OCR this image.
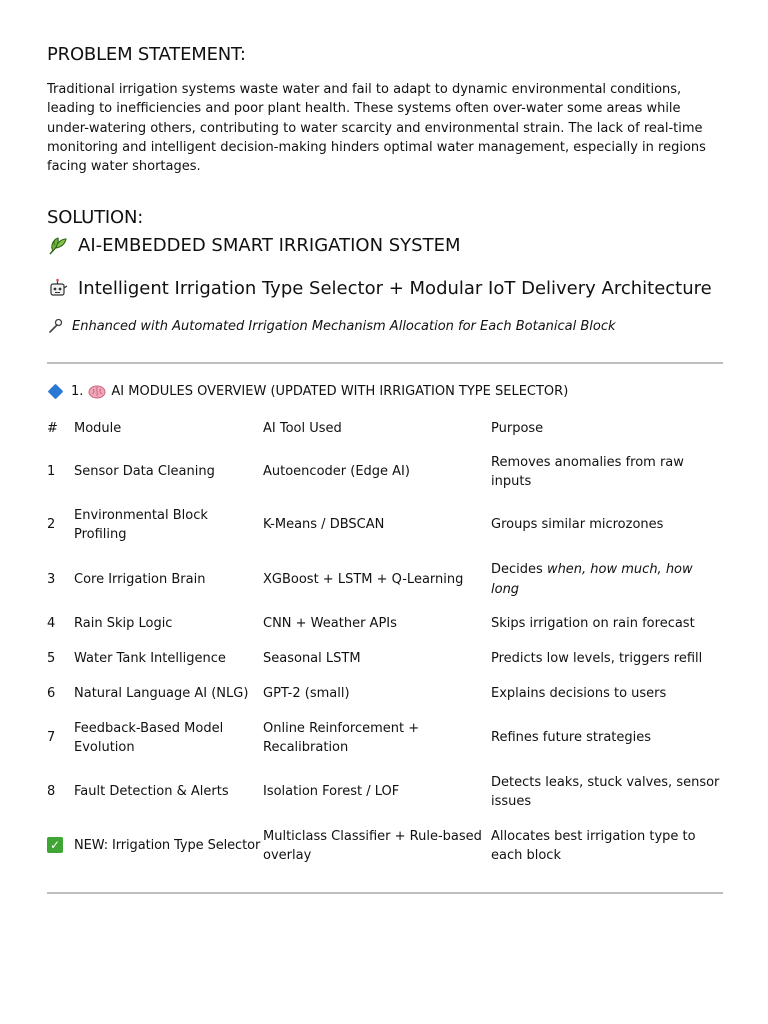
PROBLEM STATEMENT:

Traditional irrigation systems waste water and fail to adapt to dynamic environmental conditions, leading to inefficiencies and poor plant health. These systems often over-water some areas while under-watering others, contributing to water scarcity and environmental strain. The lack of real-time monitoring and intelligent decision-making hinders optimal water management, especially in regions facing water shortages.

SOLUTION:
AI-EMBEDDED SMART IRRIGATION SYSTEM
Intelligent Irrigation Type Selector + Modular IoT Delivery Architecture
Enhanced with Automated Irrigation Mechanism Allocation for Each Botanical Block
1. AI MODULES OVERVIEW (UPDATED WITH IRRIGATION TYPE SELECTOR)
#	Module	AI Tool Used	Purpose
1	Sensor Data Cleaning	Autoencoder (Edge AI)	Removes anomalies from raw inputs
2	Environmental Block Profiling	K-Means / DBSCAN	Groups similar microzones
3	Core Irrigation Brain	XGBoost + LSTM + Q-Learning	Decides when, how much, how long
4	Rain Skip Logic	CNN + Weather APIs	Skips irrigation on rain forecast
5	Water Tank Intelligence	Seasonal LSTM	Predicts low levels, triggers refill
6	Natural Language AI (NLG)	GPT-2 (small)	Explains decisions to users
7	Feedback-Based Model Evolution	Online Reinforcement + Recalibration	Refines future strategies
8	Fault Detection & Alerts	Isolation Forest / LOF	Detects leaks, stuck valves, sensor issues
✓	NEW: Irrigation Type Selector	Multiclass Classifier + Rule-based overlay	Allocates best irrigation type to each block
